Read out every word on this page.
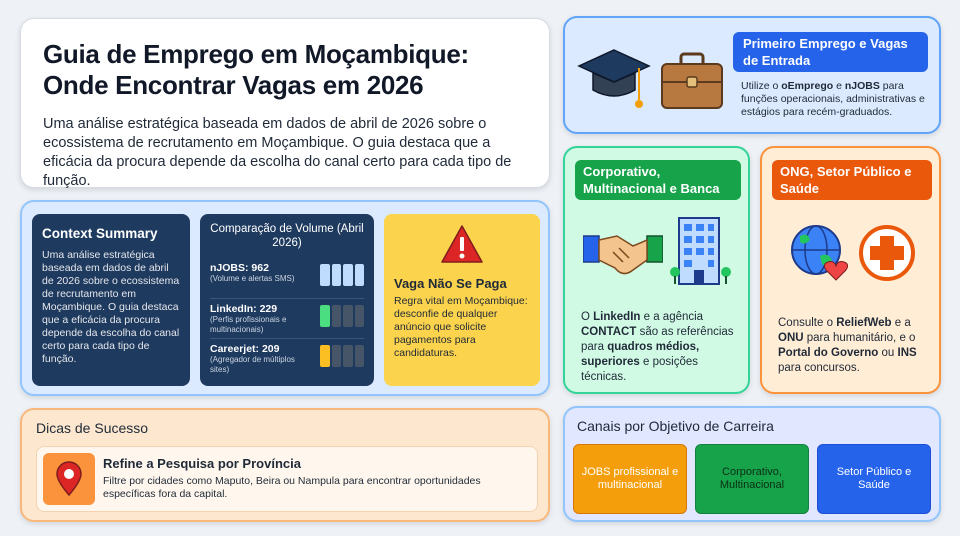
Guia de Emprego em Moçambique:
Onde Encontrar Vagas em 2026

Uma análise estratégica baseada em dados de abril de 2026 sobre o ecossistema de recrutamento em Moçambique. O guia destaca que a eficácia da procura depende da escolha do canal certo para cada tipo de função.

Primeiro Emprego e Vagas de Entrada
Utilize o oEmprego e nJOBS para funções operacionais, administrativas e estágios para recém-graduados.
Corporativo, Multinacional e Banca
O LinkedIn e a agência CONTACT são as referências para quadros médios, superiores e posições técnicas.
ONG, Setor Público e Saúde
Consulte o ReliefWeb e a ONU para humanitário, e o Portal do Governo ou INS para concursos.
Context Summary

Uma análise estratégica baseada em dados de abril de 2026 sobre o ecossistema de recrutamento em Moçambique. O guia destaca que a eficácia da procura depende da escolha do canal certo para cada tipo de função.

Comparação de Volume (Abril 2026)
nJOBS: 962
(Volume e alertas SMS)
LinkedIn: 229
(Perfis profissionais e multinacionais)
Careerjet: 209
(Agregador de múltiplos sites)
Vaga Não Se Paga

Regra vital em Moçambique: desconfie de qualquer anúncio que solicite pagamentos para candidaturas.

Dicas de Sucesso
Refine a Pesquisa por Província

Filtre por cidades como Maputo, Beira ou Nampula para encontrar oportunidades específicas fora da capital.

Canais por Objetivo de Carreira
JOBS profissional e multinacional
Corporativo, Multinacional
Setor Público e Saúde
